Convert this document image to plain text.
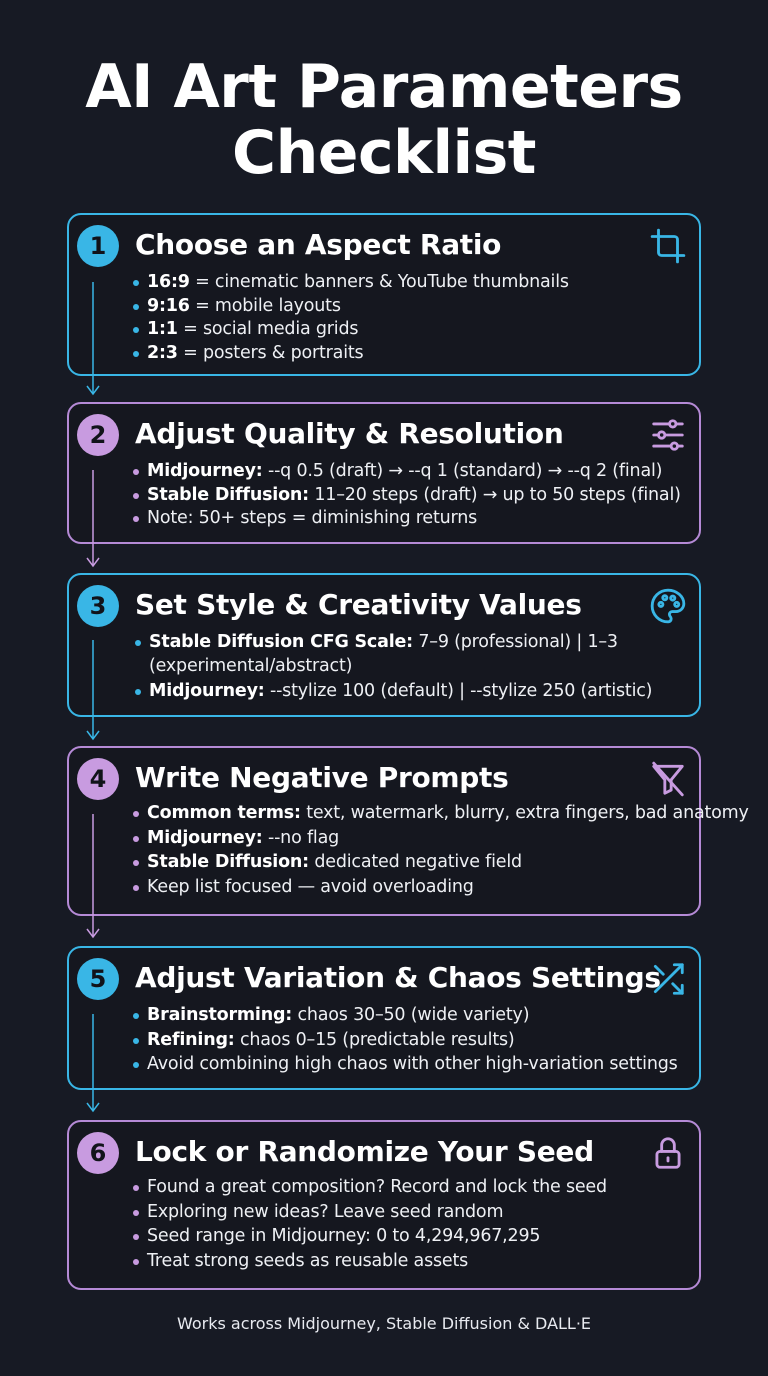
AI Art Parameters
Checklist
1	Choose an Aspect Ratio
16:9 = cinematic banners & YouTube thumbnails
9:16 = mobile layouts
1:1 = social media grids
2:3 = posters & portraits
2	Adjust Quality & Resolution
Midjourney: --q 0.5 (draft) → --q 1 (standard) → --q 2 (final)
Stable Diffusion: 11–20 steps (draft) → up to 50 steps (final)
Note: 50+ steps = diminishing returns
3	Set Style & Creativity Values
Stable Diffusion CFG Scale: 7–9 (professional) | 1–3 (experimental/abstract)
Midjourney: --stylize 100 (default) | --stylize 250 (artistic)
4	Write Negative Prompts
Common terms: text, watermark, blurry, extra fingers, bad anatomy
Midjourney: --no flag
Stable Diffusion: dedicated negative field
Keep list focused — avoid overloading
5	Adjust Variation & Chaos Settings
Brainstorming: chaos 30–50 (wide variety)
Refining: chaos 0–15 (predictable results)
Avoid combining high chaos with other high-variation settings
6	Lock or Randomize Your Seed
Found a great composition? Record and lock the seed
Exploring new ideas? Leave seed random
Seed range in Midjourney: 0 to 4,294,967,295
Treat strong seeds as reusable assets
Works across Midjourney, Stable Diffusion & DALL·E
